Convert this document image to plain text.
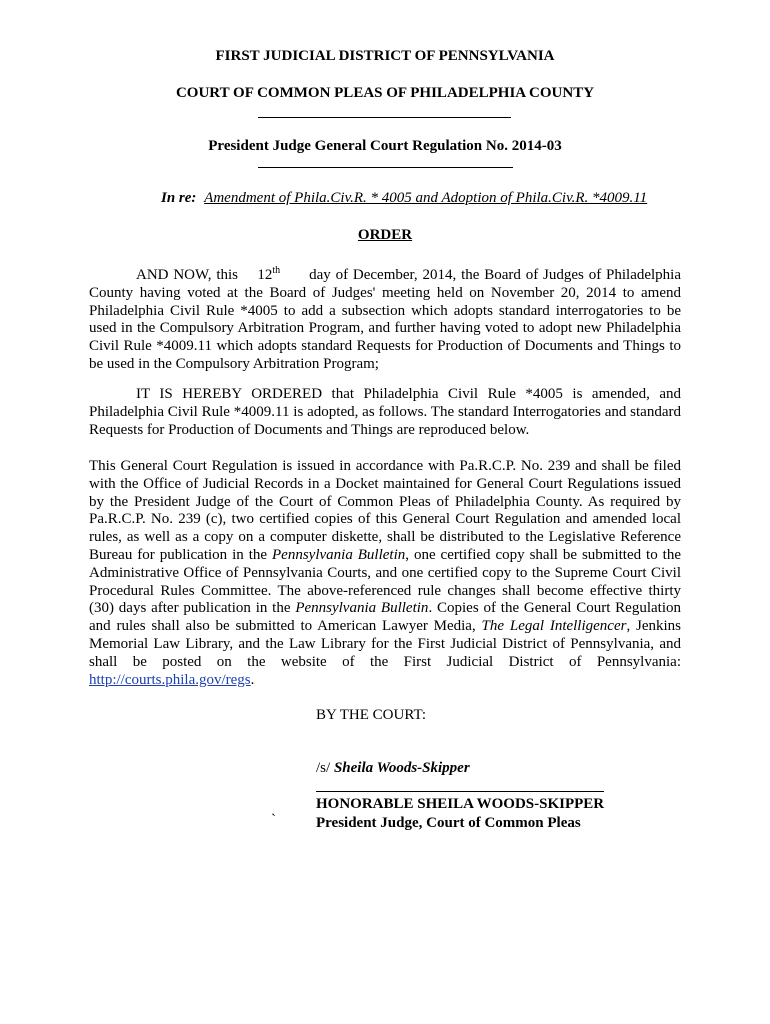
FIRST JUDICIAL DISTRICT OF PENNSYLVANIA
COURT OF COMMON PLEAS OF PHILADELPHIA COUNTY
President Judge General Court Regulation No. 2014-03
In re: Amendment of Phila.Civ.R. * 4005 and Adoption of Phila.Civ.R. *4009.11
ORDER
AND NOW, this 12th day of December, 2014, the Board of Judges of Philadelphia County having voted at the Board of Judges' meeting held on November 20, 2014 to amend Philadelphia Civil Rule *4005 to add a subsection which adopts standard interrogatories to be used in the Compulsory Arbitration Program, and further having voted to adopt new Philadelphia Civil Rule *4009.11 which adopts standard Requests for Production of Documents and Things to be used in the Compulsory Arbitration Program;
IT IS HEREBY ORDERED that Philadelphia Civil Rule *4005 is amended, and Philadelphia Civil Rule *4009.11 is adopted, as follows. The standard Interrogatories and standard Requests for Production of Documents and Things are reproduced below.
This General Court Regulation is issued in accordance with Pa.R.C.P. No. 239 and shall be filed with the Office of Judicial Records in a Docket maintained for General Court Regulations issued by the President Judge of the Court of Common Pleas of Philadelphia County. As required by Pa.R.C.P. No. 239 (c), two certified copies of this General Court Regulation and amended local rules, as well as a copy on a computer diskette, shall be distributed to the Legislative Reference Bureau for publication in the Pennsylvania Bulletin, one certified copy shall be submitted to the Administrative Office of Pennsylvania Courts, and one certified copy to the Supreme Court Civil Procedural Rules Committee. The above-referenced rule changes shall become effective thirty (30) days after publication in the Pennsylvania Bulletin. Copies of the General Court Regulation and rules shall also be submitted to American Lawyer Media, The Legal Intelligencer, Jenkins Memorial Law Library, and the Law Library for the First Judicial District of Pennsylvania, and shall be posted on the website of the First Judicial District of Pennsylvania: http://courts.phila.gov/regs.
BY THE COURT:
/s/ Sheila Woods-Skipper
`
HONORABLE SHEILA WOODS-SKIPPER
President Judge, Court of Common Pleas
